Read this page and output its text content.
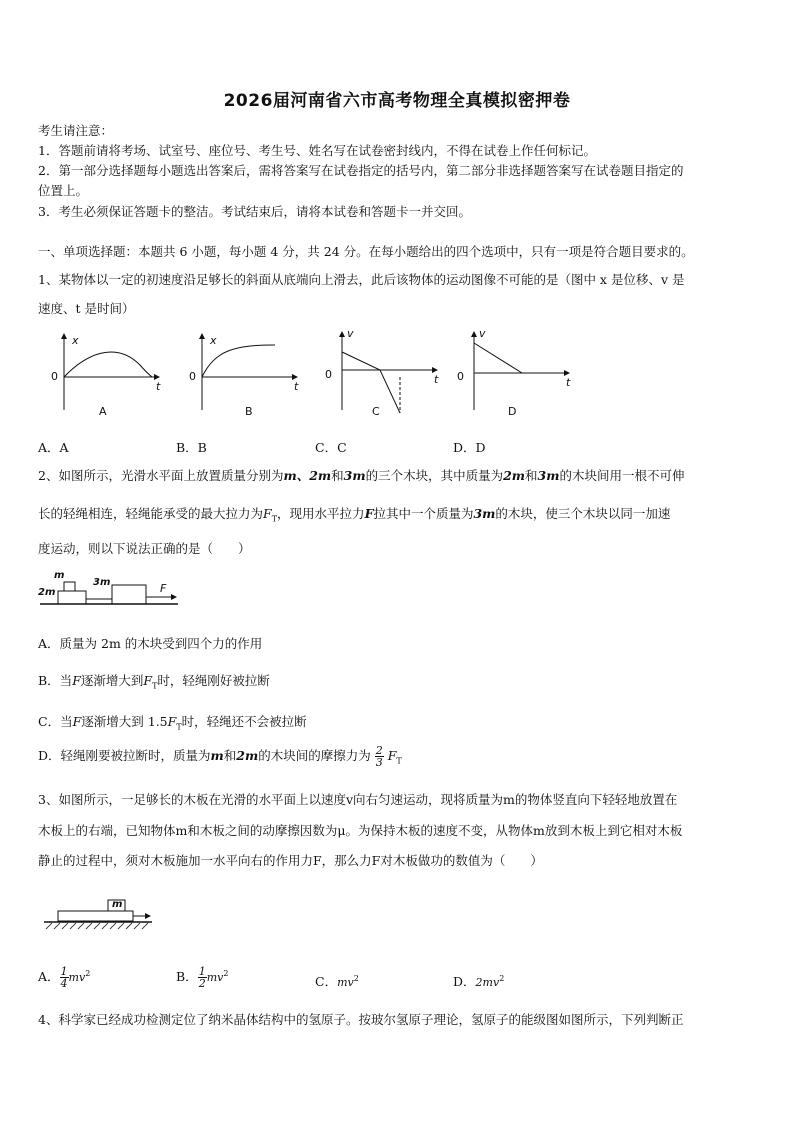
2026届河南省六市高考物理全真模拟密押卷
考生请注意：
1．答题前请将考场、试室号、座位号、考生号、姓名写在试卷密封线内，不得在试卷上作任何标记。
2．第一部分选择题每小题选出答案后，需将答案写在试卷指定的括号内，第二部分非选择题答案写在试卷题目指定的
位置上。
3．考生必须保证答题卡的整洁。考试结束后，请将本试卷和答题卡一并交回。
一、单项选择题：本题共 6 小题，每小题 4 分，共 24 分。在每小题给出的四个选项中，只有一项是符合题目要求的。
1、某物体以一定的初速度沿足够长的斜面从底端向上滑去，此后该物体的运动图像不可能的是（图中 x 是位移、v 是
速度、t 是时间）
x
0
t
A
x
0
t
B
v
0	t
C
v
0	t
D
A．A	B．B	C．C	D．D
2、如图所示，光滑水平面上放置质量分别为m、2m和3m的三个木块，其中质量为2m和3m的木块间用一根不可伸
长的轻绳相连，轻绳能承受的最大拉力为$F_T$，现用水平拉力F拉其中一个质量为3m的木块，使三个木块以同一加速
度运动，则以下说法正确的是（　　）
m
2m
3m	F
A．质量为 2m 的木块受到四个力的作用
B．当F逐渐增大到$F_T$时，轻绳刚好被拉断
C．当F逐渐增大到 $1.5F_T$时，轻绳还不会被拉断
D．轻绳刚要被拉断时，质量为m和2m的木块间的摩擦力为 $\frac{2}{3} F_T$
3、如图所示，一足够长的木板在光滑的水平面上以速度v向右匀速运动，现将质量为m的物体竖直向下轻轻地放置在
木板上的右端，已知物体m和木板之间的动摩擦因数为μ。为保持木板的速度不变，从物体m放到木板上到它相对木板
静止的过程中，须对木板施加一水平向右的作用力F，那么力F对木板做功的数值为（　　）
m
A． $\frac{1}{4} mv^2$	B． $\frac{1}{2} mv^2$
C．$mv^2$	D．$2mv^2$
4、科学家已经成功检测定位了纳米晶体结构中的氢原子。按玻尔氢原子理论，氢原子的能级图如图所示，下列判断正
